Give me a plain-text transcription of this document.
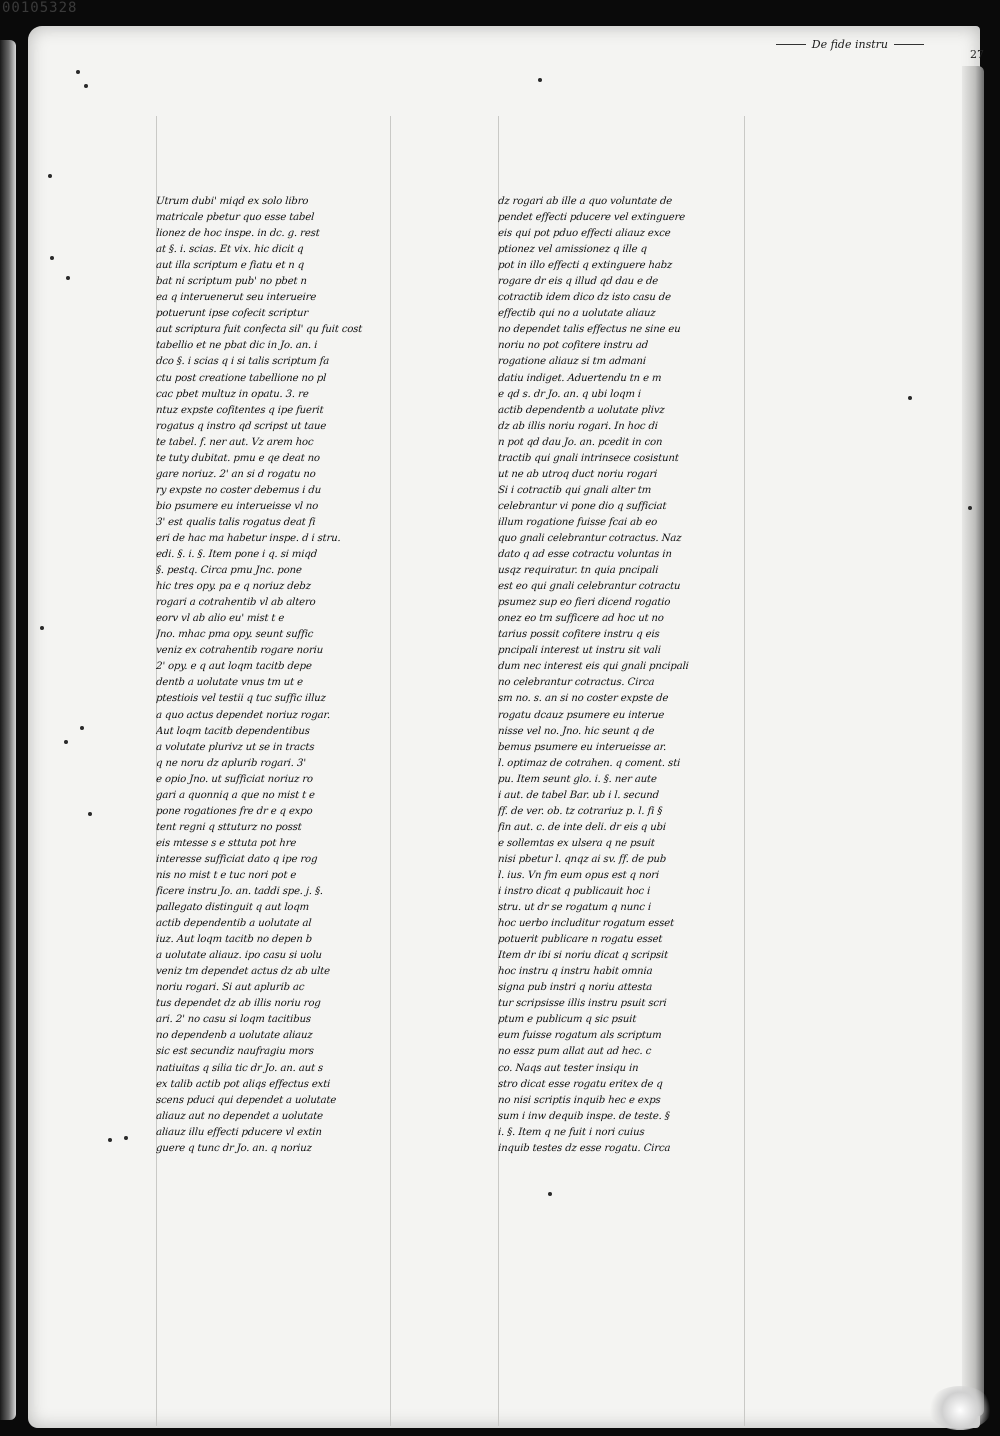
00105328
De fide instru
27
Utrum dubi' miqd ex solo libro
matricale pbetur quo esse tabel
lionez de hoc inspe. in dc. g. rest
at §. i. scias. Et vix. hic dicit q
aut illa scriptum e fiatu et n q
bat ni scriptum pub' no pbet n
ea q interuenerut seu interueire
potuerunt ipse cofecit scriptur
aut scriptura fuit confecta sil' qu fuit cost
tabellio et ne pbat dic in Jo. an. i
dco §. i scias q i si talis scriptum fa
ctu post creatione tabellione no pl
cac pbet multuz in opatu. 3. re
ntuz expste cofitentes q ipe fuerit
rogatus q instro qd scripst ut taue
te tabel. f. ner aut. Vz arem hoc
te tuty dubitat. pmu e qe deat no
gare noriuz. 2' an si d rogatu no
ry expste no coster debemus i du
bio psumere eu interueisse vl no
3' est qualis talis rogatus deat fi
eri de hac ma habetur inspe. d i stru.
edi. §. i. §. Item pone i q. si miqd
§. pestq. Circa pmu Jnc. pone
hic tres opy. pa e q noriuz debz
rogari a cotrahentib vl ab altero
eorv vl ab alio eu' mist t e
Jno. mhac pma opy. seunt suffic
veniz ex cotrahentib rogare noriu
2' opy. e q aut loqm tacitb depe
dentb a uolutate vnus tm ut e
ptestiois vel testii q tuc suffic illuz
a quo actus dependet noriuz rogar.
Aut loqm tacitb dependentibus
a volutate plurivz ut se in tracts
q ne noru dz aplurib rogari. 3'
e opio Jno. ut sufficiat noriuz ro
gari a quonniq a que no mist t e
pone rogationes fre dr e q expo
tent regni q sttuturz no posst
eis mtesse s e sttuta pot hre
interesse sufficiat dato q ipe rog
nis no mist t e tuc nori pot e
ficere instru Jo. an. taddi spe. j. §.
pallegato distinguit q aut loqm
actib dependentib a uolutate al
iuz. Aut loqm tacitb no depen b
a uolutate aliauz. ipo casu si uolu
veniz tm dependet actus dz ab ulte
noriu rogari. Si aut aplurib ac
tus dependet dz ab illis noriu rog
ari. 2' no casu si loqm tacitibus
no dependenb a uolutate aliauz
sic est secundiz naufragiu mors
natiuitas q silia tic dr Jo. an. aut s
ex talib actib pot aliqs effectus exti
scens pduci qui dependet a uolutate
aliauz aut no dependet a uolutate
aliauz illu effecti pducere vl extin
guere q tunc dr Jo. an. q noriuz
dz rogari ab ille a quo voluntate de
pendet effecti pducere vel extinguere
eis qui pot pduo effecti aliauz exce
ptionez vel amissionez q ille q
pot in illo effecti q extinguere habz
rogare dr eis q illud qd dau e de
cotractib idem dico dz isto casu de
effectib qui no a uolutate aliauz
no dependet talis effectus ne sine eu
noriu no pot cofitere instru ad
rogatione aliauz si tm admani
datiu indiget. Aduertendu tn e m
e qd s. dr Jo. an. q ubi loqm i
actib dependentb a uolutate plivz
dz ab illis noriu rogari. In hoc di
n pot qd dau Jo. an. pcedit in con
tractib qui gnali intrinsece cosistunt
ut ne ab utroq duct noriu rogari
Si i cotractib qui gnali alter tm
celebrantur vi pone dio q sufficiat
illum rogatione fuisse fcai ab eo
quo gnali celebrantur cotractus. Naz
dato q ad esse cotractu voluntas in
usqz requiratur. tn quia pncipali
est eo qui gnali celebrantur cotractu
psumez sup eo fieri dicend rogatio
onez eo tm sufficere ad hoc ut no
tarius possit cofitere instru q eis
pncipali interest ut instru sit vali
dum nec interest eis qui gnali pncipali
no celebrantur cotractus. Circa
sm no. s. an si no coster expste de
rogatu dcauz psumere eu interue
nisse vel no. Jno. hic seunt q de
bemus psumere eu interueisse ar.
l. optimaz de cotrahen. q coment. sti
pu. Item seunt glo. i. §. ner aute
i aut. de tabel Bar. ub i l. secund
ff. de ver. ob. tz cotrariuz p. l. fi §
fin aut. c. de inte deli. dr eis q ubi
e sollemtas ex ulsera q ne psuit
nisi pbetur l. qnqz ai sv. ff. de pub
l. ius. Vn fm eum opus est q nori
i instro dicat q publicauit hoc i
stru. ut dr se rogatum q nunc i
hoc uerbo includitur rogatum esset
potuerit publicare n rogatu esset
Item dr ibi si noriu dicat q scripsit
hoc instru q instru habit omnia
signa pub instri q noriu attesta
tur scripsisse illis instru psuit scri
ptum e publicum q sic psuit
eum fuisse rogatum als scriptum
no essz pum allat aut ad hec. c
co. Naqs aut tester insiqu in
stro dicat esse rogatu eritex de q
no nisi scriptis inquib hec e exps
sum i inw dequib inspe. de teste. §
i. §. Item q ne fuit i nori cuius
inquib testes dz esse rogatu. Circa
